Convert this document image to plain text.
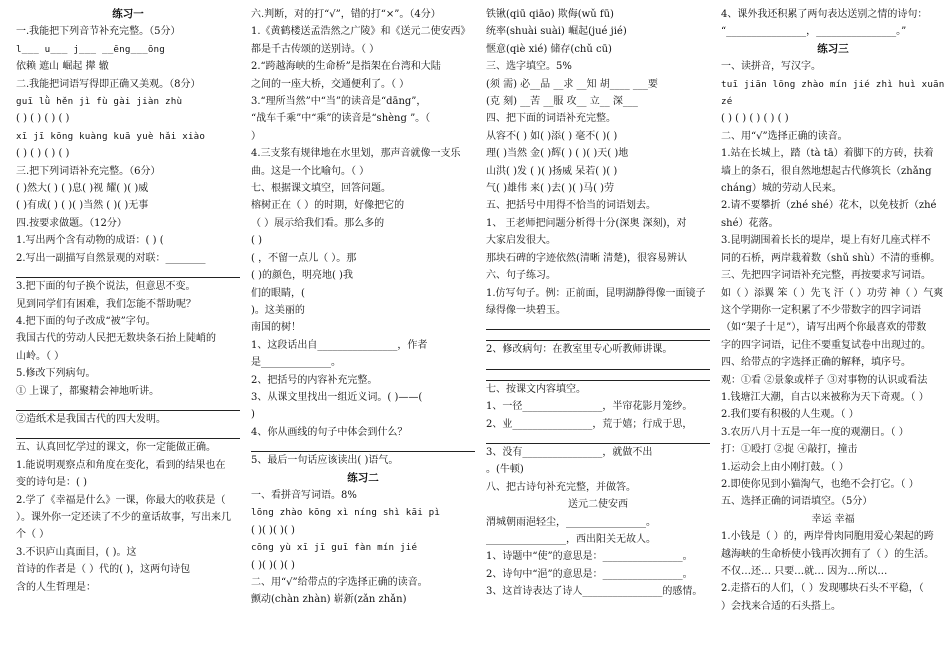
练习一

一.我能把下列音节补充完整。（5分）

l___ u___ j___ __ēng___ōng

依赖 遮山 崛起 撵 辙

二.我能把词语写得即正确又美观。（8分）

guī lǜ hěn jì fù gài jiàn zhù

( ) ( ) ( ) ( )

xī jī kōng kuàng kuā yuè hǎi xiào

( ) ( ) ( ) ( )

三.把下列词语补充完整。（6分）

( )然大( ) ( )息( )视 耀( )( )威

( )有成( ) ( )( )当然 ( )( )无事

四.按要求做题。（12分）

1.写出两个含有动物的成语：( ) (

2.写出一副描写自然景观的对联：________

3.把下面的句子换个说法，但意思不变。

见到同学们有困难，我们怎能不帮助呢？

4.把下面的句子改成“被”字句。

我国古代的劳动人民把无数块条石抬上陡峭的

山岭。（ ）

5.修改下列病句。

① 上课了，都聚精会神地听讲。

②造纸术是我国古代的四大发明。

五、认真回忆学过的课文，你一定能做正确。

1.能说明观察点和角度在变化，看到的结果也在

变的诗句是：( )

2.学了《幸福是什么》一课，你最大的收获是（

）。课外你一定还读了不少的童话故事，写出来几

个（ ）

3.不识庐山真面目，( )。这

首诗的作者是（ ）代的( )，这两句诗包

含的人生哲理是：

六.判断，对的打“√”，错的打“×”。（4分）

1.《黄鹤楼送孟浩然之广陵》和《送元二使安西》

都是千古传颂的送别诗。（ ）

2.“跨越海峡的生命桥”是指架在台湾和大陆

之间的一座大桥，交通便利了。（ ）

3.“理所当然”中“当”的读音是“dāng”，

“战车千乘”中“乘”的读音是“shèng ”。（

）

4.三支浆有规律地在水里划，那声音就像一支乐

曲。这是一个比喻句。（ ）

七、根据课文填空，回答问题。

榕树正在（ ）的时期，好像把它的

（ ）展示给我们看。那么多的

( )

( ，不留一点儿（ ）。那

( )的颜色，明亮地( )我

们的眼睛，(

)。这美丽的

南国的树！

1、这段话出自________________，作者

是______________。

2、把括号的内容补充完整。

3、从课文里找出一组近义词。( )——(

)

4、你从画线的句子中体会到什么？

5、最后一句话应该读出( )语气。

练习二

一、看拼音写词语。8%

lōng zhào kōng xì níng shì kāi pì

( )( )( )( )

cōng yù xī jī guī fàn mín jié

( )( )( )( )

二、用“√”给带点的字选择正确的读音。

颤动(chàn zhàn) 崭新(zǎn zhǎn)

铁锹(qiū qiāo) 欺侮(wǔ fū)

统率(shuài suài) 崛起(jué jié)

惬意(qiè xié) 储存(chǔ cū)

三、选字填空。5%

(须 需) 必__品 __求 __知 胡____ ___要

(克 刻) __苦 __服 攻__ 立__ 深___

四、把下面的词语补充完整。

从容不( ) 如( )添( ) 毫不( )( )

理( )当然 金( )辉( ) ( )( )天( )地

山洪( )发 ( )( )扬威 呆若( )( )

气( )雄伟 来( )去( )( )马( )劳

五、把括号中用得不恰当的词语划去。

1、 王老师把问题分析得十分(深奥 深刻)，对

大家启发很大。

那块石碑的字迹依然(清晰 清楚)，很容易辨认

六、句子练习。

1.仿写句子。例：正前面，昆明湖静得像一面镜子

绿得像一块碧玉。

2、修改病句：在教室里专心听教师讲课。

七、按课文内容填空。

1、一径________________，半帘花影月笼纱。

2、业________________，荒于嬉；行成于思，

3、没有________________，就做不出

。(牛顿)

八、把古诗句补充完整，并做答。

送元二使安西

渭城朝雨浥轻尘，________________。

________________，西出阳关无故人。

1、诗题中“使”的意思是：________________。

2、诗句中“浥”的意思是：________________。

3、这首诗表达了诗人________________的感情。

4、课外我还积累了两句表达送别之情的诗句：

“________________，________________。”

练习三

一、读拼音，写汉字。

tuī jiān lōng zhào mín jié zhì huì xuān

zé

( ) ( ) ( ) ( ) ( )

二、用“√”选择正确的读音。

1.站在长城上，踏（tà tā）着脚下的方砖，扶着

墙上的条石，很自然地想起古代修筑长（zhǎng

cháng）城的劳动人民来。

2.请不要攀折（zhé shé）花木，以免枝折（zhé

shé）花落。

3.昆明湖围着长长的堤岸，堤上有好几座式样不

同的石桥，两岸栽着数（shǔ shù）不清的垂柳。

三、先把四字词语补充完整，再按要求写词语。

如（ ）添翼 笨（ ）先飞 汗（ ）功劳 神（ ）气爽

这个学期你一定积累了不少带数字的四字词语

（如“架子十足”），请写出两个你最喜欢的带数

字的四字词语，记住不要重复试卷中出现过的。

四、给带点的字选择正确的解释，填序号。

观：①看 ②景象或样子 ③对事物的认识或看法

1.钱塘江大潮，自古以来被称为天下奇观。（ ）

2.我们要有积极的人生观。（ ）

3.农历八月十五是一年一度的观潮日。（ ）

打：①殴打 ②捉 ④敲打，撞击

1.运动会上由小刚打鼓。（ ）

2.即使你见到小猫淘气，也绝不会打它。（ ）

五、选择正确的词语填空。（5分）

幸运 幸福

1.小钱是（ ）的，两岸骨肉同胞用爱心架起的跨

越海峡的生命桥使小钱再次拥有了（ ）的生活。

不仅…还… 只要…就… 因为…所以…

2.走搭石的人们，（ ）发现哪块石头不平稳，（

）会找来合适的石头搭上。
